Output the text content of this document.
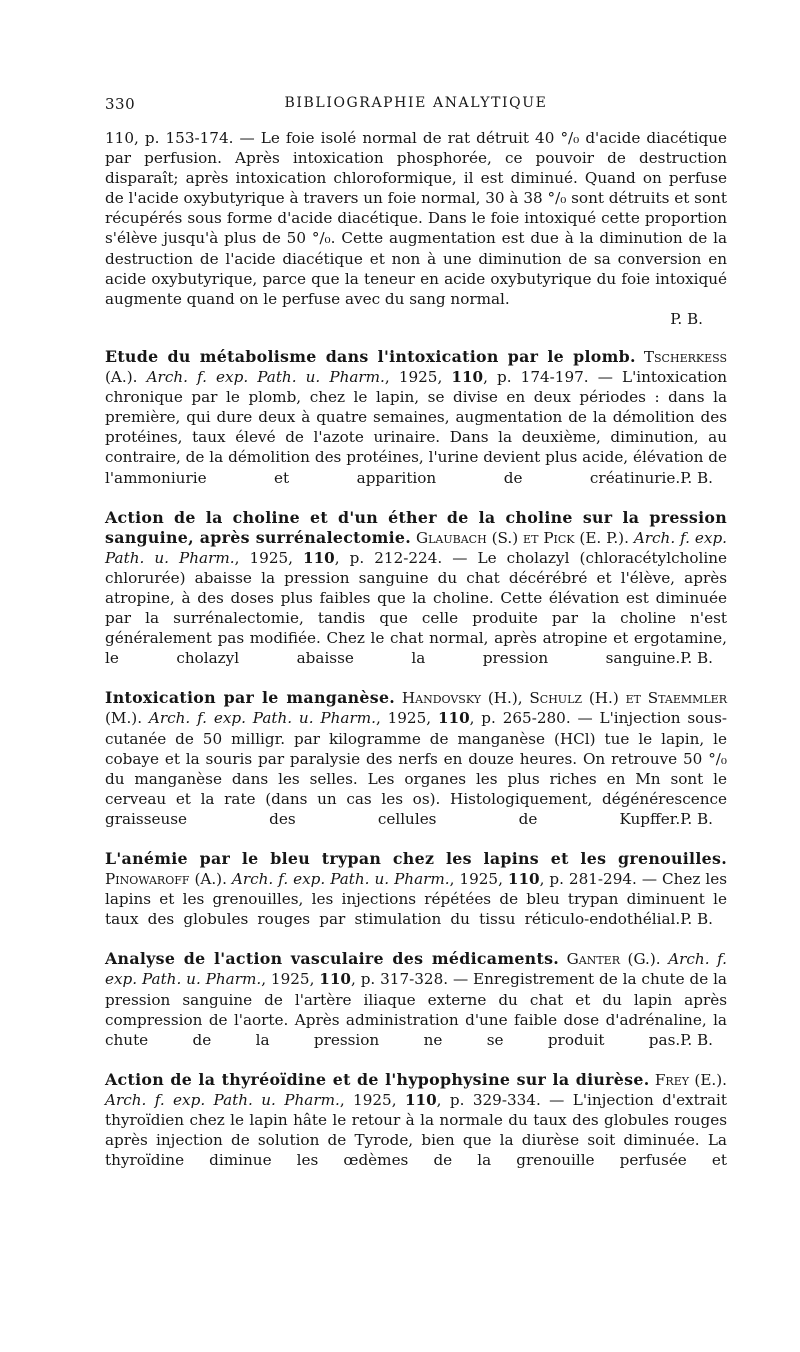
330	BIBLIOGRAPHIE ANALYTIQUE

110, p. 153-174. — Le foie isolé normal de rat détruit 40 °/₀ d'acide diacétique par perfusion. Après intoxication phosphorée, ce pouvoir de destruction disparaît; après intoxication chloroformique, il est diminué. Quand on perfuse de l'acide oxybutyrique à travers un foie normal, 30 à 38 °/₀ sont détruits et sont récupérés sous forme d'acide diacétique. Dans le foie intoxiqué cette proportion s'élève jusqu'à plus de 50 °/₀. Cette augmentation est due à la diminution de la destruction de l'acide diacétique et non à une diminution de sa conversion en acide oxybutyrique, parce que la teneur en acide oxybutyrique du foie intoxiqué augmente quand on le perfuse avec du sang normal.

P. B.

Etude du métabolisme dans l'intoxication par le plomb. Tscherkess (A.). Arch. f. exp. Path. u. Pharm., 1925, 110, p. 174-197. — L'intoxication chronique par le plomb, chez le lapin, se divise en deux périodes : dans la première, qui dure deux à quatre semaines, augmentation de la démolition des protéines, taux élevé de l'azote urinaire. Dans la deuxième, diminution, au contraire, de la démolition des protéines, l'urine devient plus acide, élévation de l'ammoniurie et apparition de créatinurie. P. B.

Action de la choline et d'un éther de la choline sur la pression sanguine, après surrénalectomie. Glaubach (S.) et Pick (E. P.). Arch. f. exp. Path. u. Pharm., 1925, 110, p. 212-224. — Le cholazyl (chloracétylcholine chlorurée) abaisse la pression sanguine du chat décérébré et l'élève, après atropine, à des doses plus faibles que la choline. Cette élévation est diminuée par la surrénalectomie, tandis que celle produite par la choline n'est généralement pas modifiée. Chez le chat normal, après atropine et ergotamine, le cholazyl abaisse la pression sanguine. P. B.

Intoxication par le manganèse. Handovsky (H.), Schulz (H.) et Staemmler (M.). Arch. f. exp. Path. u. Pharm., 1925, 110, p. 265-280. — L'injection sous-cutanée de 50 milligr. par kilogramme de manganèse (HCl) tue le lapin, le cobaye et la souris par paralysie des nerfs en douze heures. On retrouve 50 °/₀ du manganèse dans les selles. Les organes les plus riches en Mn sont le cerveau et la rate (dans un cas les os). Histologiquement, dégénérescence graisseuse des cellules de Kupffer. P. B.

L'anémie par le bleu trypan chez les lapins et les grenouilles. Pinowaroff (A.). Arch. f. exp. Path. u. Pharm., 1925, 110, p. 281-294. — Chez les lapins et les grenouilles, les injections répétées de bleu trypan diminuent le taux des globules rouges par stimulation du tissu réticulo-endothélial. P. B.

Analyse de l'action vasculaire des médicaments. Ganter (G.). Arch. f. exp. Path. u. Pharm., 1925, 110, p. 317-328. — Enregistrement de la chute de la pression sanguine de l'artère iliaque externe du chat et du lapin après compression de l'aorte. Après administration d'une faible dose d'adrénaline, la chute de la pression ne se produit pas. P. B.

Action de la thyréoïdine et de l'hypophysine sur la diurèse. Frey (E.). Arch. f. exp. Path. u. Pharm., 1925, 110, p. 329-334. — L'injection d'extrait thyroïdien chez le lapin hâte le retour à la normale du taux des globules rouges après injection de solution de Tyrode, bien que la diurèse soit diminuée. La thyroïdine diminue les œdèmes de la grenouille perfusée et
